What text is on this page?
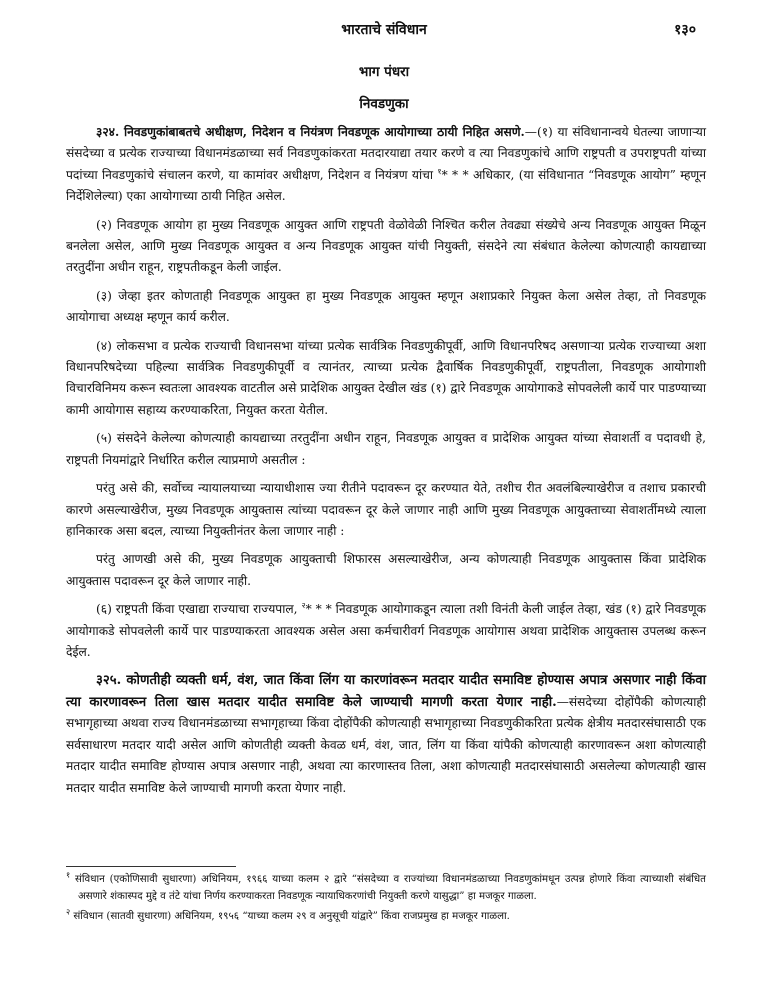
भारताचे संविधान	१३०
भाग पंधरा
निवडणुका

३२४. निवडणुकांबाबतचे अधीक्षण, निदेशन व नियंत्रण निवडणूक आयोगाच्या ठायी निहित असणे.—(१) या संविधानान्वये घेतल्या जाणाऱ्या संसदेच्या व प्रत्येक राज्याच्या विधानमंडळाच्या सर्व निवडणुकांकरता मतदारयाद्या तयार करणे व त्या निवडणुकांचे आणि राष्ट्रपती व उपराष्ट्रपती यांच्या पदांच्या निवडणुकांचे संचालन करणे, या कामांवर अधीक्षण, निदेशन व नियंत्रण यांचा $^१$* * * अधिकार, (या संविधानात “निवडणूक आयोग” म्हणून निर्देशिलेल्या) एका आयोगाच्या ठायी निहित असेल.

(२) निवडणूक आयोग हा मुख्य निवडणूक आयुक्त आणि राष्ट्रपती वेळोवेळी निश्चित करील तेवढ्या संख्येचे अन्य निवडणूक आयुक्त मिळून बनलेला असेल, आणि मुख्य निवडणूक आयुक्त व अन्य निवडणूक आयुक्त यांची नियुक्ती, संसदेने त्या संबंधात केलेल्या कोणत्याही कायद्याच्या तरतुदींना अधीन राहून, राष्ट्रपतीकडून केली जाईल.

(३) जेव्हा इतर कोणताही निवडणूक आयुक्त हा मुख्य निवडणूक आयुक्त म्हणून अशाप्रकारे नियुक्त केला असेल तेव्हा, तो निवडणूक आयोगाचा अध्यक्ष म्हणून कार्य करील.

(४) लोकसभा व प्रत्येक राज्याची विधानसभा यांच्या प्रत्येक सार्वत्रिक निवडणुकीपूर्वी, आणि विधानपरिषद असणाऱ्या प्रत्येक राज्याच्या अशा विधानपरिषदेच्या पहिल्या सार्वत्रिक निवडणुकीपूर्वी व त्यानंतर, त्याच्या प्रत्येक द्वैवार्षिक निवडणुकीपूर्वी, राष्ट्रपतीला, निवडणूक आयोगाशी विचारविनिमय करून स्वतःला आवश्यक वाटतील असे प्रादेशिक आयुक्त देखील खंड (१) द्वारे निवडणूक आयोगाकडे सोपवलेली कार्ये पार पाडण्याच्या कामी आयोगास सहाय्य करण्याकरिता, नियुक्त करता येतील.

(५) संसदेने केलेल्या कोणत्याही कायद्याच्या तरतुदींना अधीन राहून, निवडणूक आयुक्त व प्रादेशिक आयुक्त यांच्या सेवाशर्ती व पदावधी हे, राष्ट्रपती नियमांद्वारे निर्धारित करील त्याप्रमाणे असतील :

परंतु असे की, सर्वोच्च न्यायालयाच्या न्यायाधीशास ज्या रीतीने पदावरून दूर करण्यात येते, तशीच रीत अवलंबिल्याखेरीज व तशाच प्रकारची कारणे असल्याखेरीज, मुख्य निवडणूक आयुक्तास त्यांच्या पदावरून दूर केले जाणार नाही आणि मुख्य निवडणूक आयुक्ताच्या सेवाशर्तीमध्ये त्याला हानिकारक असा बदल, त्याच्या नियुक्तीनंतर केला जाणार नाही :

परंतु आणखी असे की, मुख्य निवडणूक आयुक्ताची शिफारस असल्याखेरीज, अन्य कोणत्याही निवडणूक आयुक्तास किंवा प्रादेशिक आयुक्तास पदावरून दूर केले जाणार नाही.

(६) राष्ट्रपती किंवा एखाद्या राज्याचा राज्यपाल, $^२$* * * निवडणूक आयोगाकडून त्याला तशी विनंती केली जाईल तेव्हा, खंड (१) द्वारे निवडणूक आयोगाकडे सोपवलेली कार्ये पार पाडण्याकरता आवश्यक असेल असा कर्मचारीवर्ग निवडणूक आयोगास अथवा प्रादेशिक आयुक्तास उपलब्ध करून देईल.

३२५. कोणतीही व्यक्ती धर्म, वंश, जात किंवा लिंग या कारणांवरून मतदार यादीत समाविष्ट होण्यास अपात्र असणार नाही किंवा त्या कारणावरून तिला खास मतदार यादीत समाविष्ट केले जाण्याची मागणी करता येणार नाही.—संसदेच्या दोहोंपैकी कोणत्याही सभागृहाच्या अथवा राज्य विधानमंडळाच्या सभागृहाच्या किंवा दोहोंपैकी कोणत्याही सभागृहाच्या निवडणुकीकरिता प्रत्येक क्षेत्रीय मतदारसंघासाठी एक सर्वसाधारण मतदार यादी असेल आणि कोणतीही व्यक्ती केवळ धर्म, वंश, जात, लिंग या किंवा यांपैकी कोणत्याही कारणावरून अशा कोणत्याही मतदार यादीत समाविष्ट होण्यास अपात्र असणार नाही, अथवा त्या कारणास्तव तिला, अशा कोणत्याही मतदारसंघासाठी असलेल्या कोणत्याही खास मतदार यादीत समाविष्ट केले जाण्याची मागणी करता येणार नाही.

$^१$ संविधान (एकोणिसावी सुधारणा) अधिनियम, १९६६ याच्या कलम २ द्वारे “संसदेच्या व राज्यांच्या विधानमंडळाच्या निवडणुकांमधून उत्पन्न होणारे किंवा त्याच्याशी संबंधित असणारे शंकास्पद मुद्दे व तंटे यांचा निर्णय करण्याकरता निवडणूक न्यायाधिकरणांची नियुक्ती करणे यासुद्धा” हा मजकूर गाळला.

$^२$ संविधान (सातवी सुधारणा) अधिनियम, १९५६ “याच्या कलम २९ व अनुसूची यांद्वारे” किंवा राजप्रमुख हा मजकूर गाळला.
